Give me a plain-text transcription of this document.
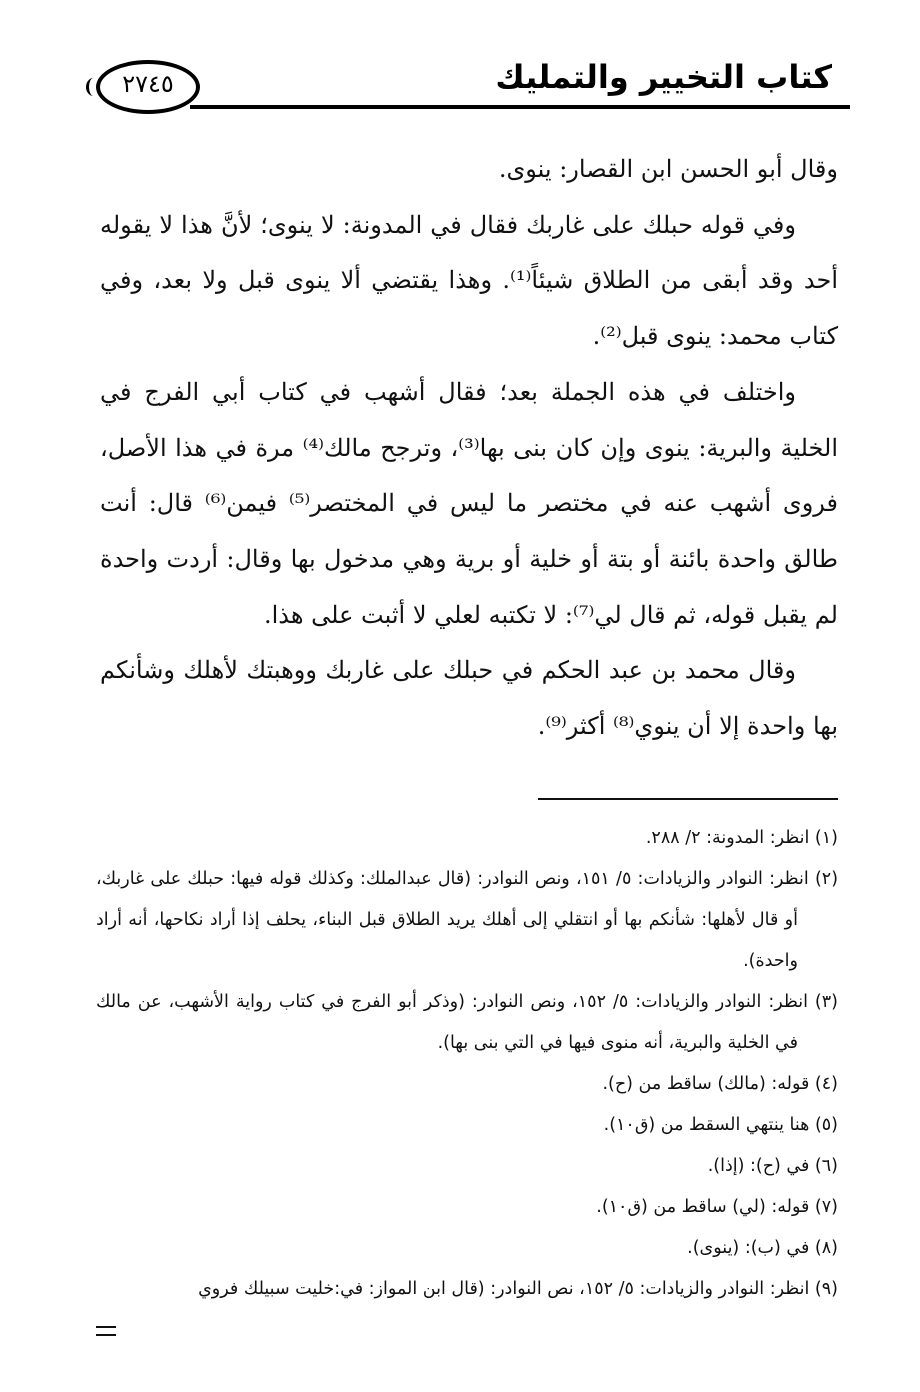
٢٧٤٥	كتاب التخيير والتمليك

وقال أبو الحسن ابن القصار: ينوى.

وفي قوله حبلك على غاربك فقال في المدونة: لا ينوى؛ لأنَّ هذا لا يقوله أحد وقد أبقى من الطلاق شيئاً⁽¹⁾. وهذا يقتضي ألا ينوى قبل ولا بعد، وفي كتاب محمد: ينوى قبل⁽²⁾.

واختلف في هذه الجملة بعد؛ فقال أشهب في كتاب أبي الفرج في الخلية والبرية: ينوى وإن كان بنى بها⁽³⁾، وترجح مالك⁽⁴⁾ مرة في هذا الأصل، فروى أشهب عنه في مختصر ما ليس في المختصر⁽⁵⁾ فيمن⁽⁶⁾ قال: أنت طالق واحدة بائنة أو بتة أو خلية أو برية وهي مدخول بها وقال: أردت واحدة لم يقبل قوله، ثم قال لي⁽⁷⁾: لا تكتبه لعلي لا أثبت على هذا.

وقال محمد بن عبد الحكم في حبلك على غاربك ووهبتك لأهلك وشأنكم بها واحدة إلا أن ينوي⁽⁸⁾ أكثر⁽⁹⁾.

(١) انظر: المدونة: ٢/ ٢٨٨.

(٢) انظر: النوادر والزيادات: ٥/ ١٥١، ونص النوادر: (قال عبدالملك: وكذلك قوله فيها: حبلك على غاربك، أو قال لأهلها: شأنكم بها أو انتقلي إلى أهلك يريد الطلاق قبل البناء، يحلف إذا أراد نكاحها، أنه أراد واحدة).

(٣) انظر: النوادر والزيادات: ٥/ ١٥٢، ونص النوادر: (وذكر أبو الفرج في كتاب رواية الأشهب، عن مالك في الخلية والبرية، أنه منوى فيها في التي بنى بها).

(٤) قوله: (مالك) ساقط من (ح).

(٥) هنا ينتهي السقط من (ق١٠).

(٦) في (ح): (إذا).

(٧) قوله: (لي) ساقط من (ق١٠).

(٨) في (ب): (ينوى).

(٩) انظر: النوادر والزيادات: ٥/ ١٥٢، نص النوادر: (قال ابن المواز: في:خليت سبيلك فروي
